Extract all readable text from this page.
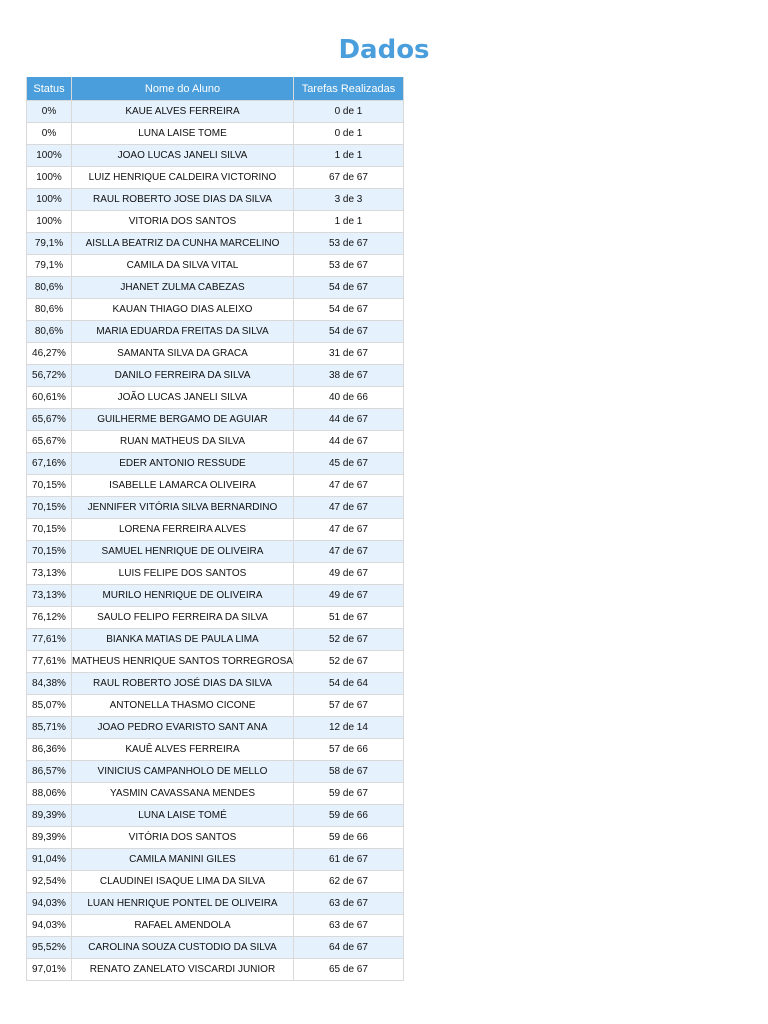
Dados
Status	Nome do Aluno	Tarefas Realizadas
0%	KAUE ALVES FERREIRA	0 de 1
0%	LUNA LAISE TOME	0 de 1
100%	JOAO LUCAS JANELI SILVA	1 de 1
100%	LUIZ HENRIQUE CALDEIRA VICTORINO	67 de 67
100%	RAUL ROBERTO JOSE DIAS DA SILVA	3 de 3
100%	VITORIA DOS SANTOS	1 de 1
79,1%	AISLLA BEATRIZ DA CUNHA MARCELINO	53 de 67
79,1%	CAMILA DA SILVA VITAL	53 de 67
80,6%	JHANET ZULMA CABEZAS	54 de 67
80,6%	KAUAN THIAGO DIAS ALEIXO	54 de 67
80,6%	MARIA EDUARDA FREITAS DA SILVA	54 de 67
46,27%	SAMANTA SILVA DA GRACA	31 de 67
56,72%	DANILO FERREIRA DA SILVA	38 de 67
60,61%	JOÃO LUCAS JANELI SILVA	40 de 66
65,67%	GUILHERME BERGAMO DE AGUIAR	44 de 67
65,67%	RUAN MATHEUS DA SILVA	44 de 67
67,16%	EDER ANTONIO RESSUDE	45 de 67
70,15%	ISABELLE LAMARCA OLIVEIRA	47 de 67
70,15%	JENNIFER VITÓRIA SILVA BERNARDINO	47 de 67
70,15%	LORENA FERREIRA ALVES	47 de 67
70,15%	SAMUEL HENRIQUE DE OLIVEIRA	47 de 67
73,13%	LUIS FELIPE DOS SANTOS	49 de 67
73,13%	MURILO HENRIQUE DE OLIVEIRA	49 de 67
76,12%	SAULO FELIPO FERREIRA DA SILVA	51 de 67
77,61%	BIANKA MATIAS DE PAULA LIMA	52 de 67
77,61%	MATHEUS HENRIQUE SANTOS TORREGROSA	52 de 67
84,38%	RAUL ROBERTO JOSÉ DIAS DA SILVA	54 de 64
85,07%	ANTONELLA THASMO CICONE	57 de 67
85,71%	JOAO PEDRO EVARISTO SANT ANA	12 de 14
86,36%	KAUÊ ALVES FERREIRA	57 de 66
86,57%	VINICIUS CAMPANHOLO DE MELLO	58 de 67
88,06%	YASMIN CAVASSANA MENDES	59 de 67
89,39%	LUNA LAISE TOMÉ	59 de 66
89,39%	VITÓRIA DOS SANTOS	59 de 66
91,04%	CAMILA MANINI GILES	61 de 67
92,54%	CLAUDINEI ISAQUE LIMA DA SILVA	62 de 67
94,03%	LUAN HENRIQUE PONTEL DE OLIVEIRA	63 de 67
94,03%	RAFAEL AMENDOLA	63 de 67
95,52%	CAROLINA SOUZA CUSTODIO DA SILVA	64 de 67
97,01%	RENATO ZANELATO VISCARDI JUNIOR	65 de 67
